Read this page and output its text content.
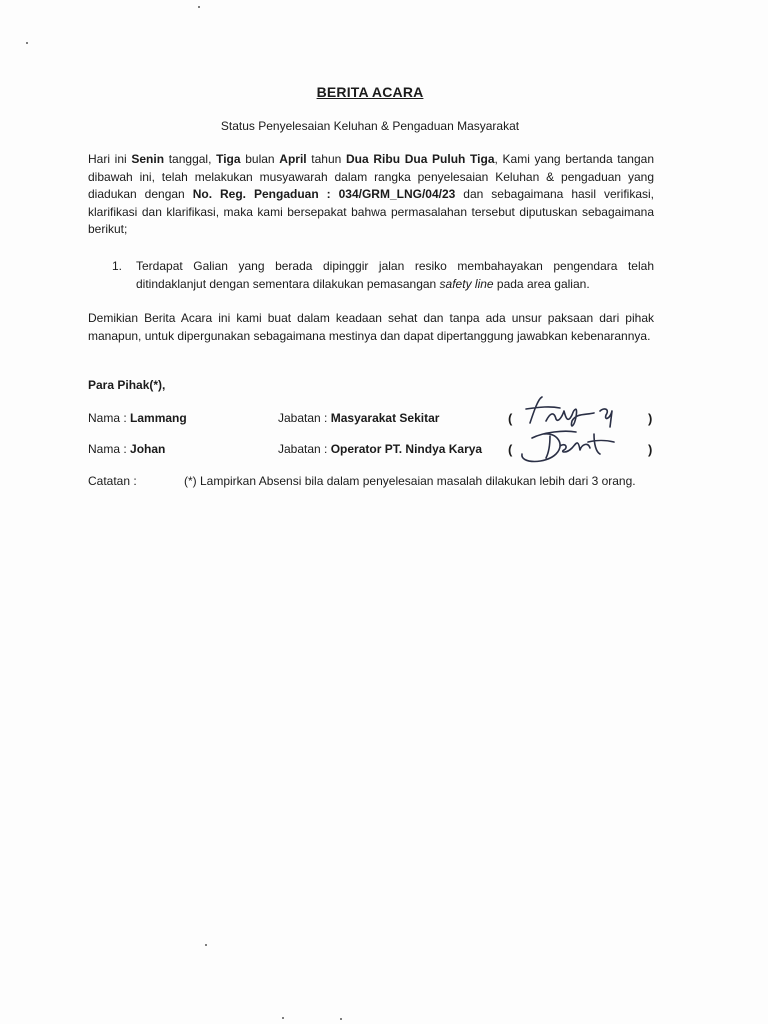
BERITA ACARA
Status Penyelesaian Keluhan & Pengaduan Masyarakat
Hari ini Senin tanggal, Tiga bulan April tahun Dua Ribu Dua Puluh Tiga, Kami yang bertanda tangan dibawah ini, telah melakukan musyawarah dalam rangka penyelesaian Keluhan & pengaduan yang diadukan dengan No. Reg. Pengaduan : 034/GRM_LNG/04/23 dan sebagaimana hasil verifikasi, klarifikasi dan klarifikasi, maka kami bersepakat bahwa permasalahan tersebut diputuskan sebagaimana berikut;
1. Terdapat Galian yang berada dipinggir jalan resiko membahayakan pengendara telah ditindaklanjut dengan sementara dilakukan pemasangan safety line pada area galian.
Demikian Berita Acara ini kami buat dalam keadaan sehat dan tanpa ada unsur paksaan dari pihak manapun, untuk dipergunakan sebagaimana mestinya dan dapat dipertanggung jawabkan kebenarannya.
Para Pihak(*),
Nama : Lammang	Jabatan : Masyarakat Sekitar	(	)
Nama : Johan	Jabatan : Operator PT. Nindya Karya (	)
Catatan :	(*) Lampirkan Absensi bila dalam penyelesaian masalah dilakukan lebih dari 3 orang.
